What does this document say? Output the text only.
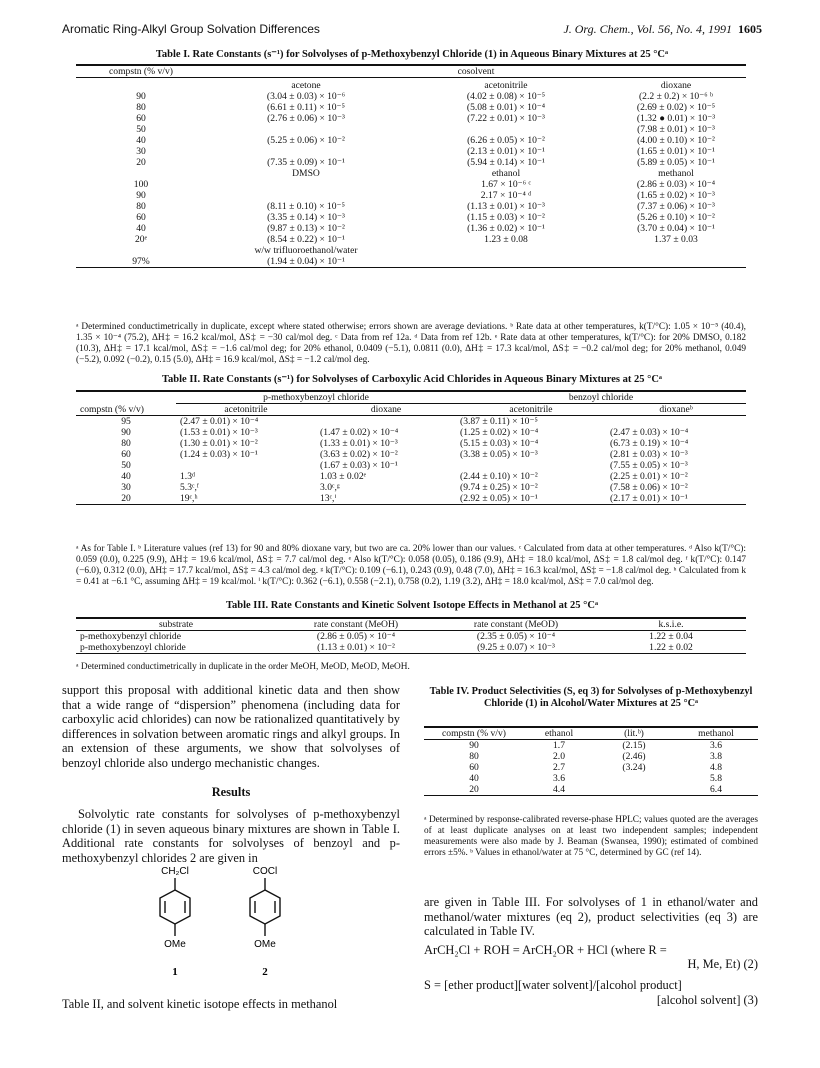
Aromatic Ring-Alkyl Group Solvation Differences	J. Org. Chem., Vol. 56, No. 4, 1991 1605
Table I. Rate Constants (s⁻¹) for Solvolyses of p-Methoxybenzyl Chloride (1) in Aqueous Binary Mixtures at 25 °Cᵃ
compstn (% v/v)	cosolvent		

	acetone	acetonitrile	dioxane
90	(3.04 ± 0.03) × 10⁻⁶	(4.02 ± 0.08) × 10⁻⁵	(2.2 ± 0.2) × 10⁻⁶ ᵇ
80	(6.61 ± 0.11) × 10⁻⁵	(5.08 ± 0.01) × 10⁻⁴	(2.69 ± 0.02) × 10⁻⁵
60	(2.76 ± 0.06) × 10⁻³	(7.22 ± 0.01) × 10⁻³	(1.32 ● 0.01) × 10⁻³
50			(7.98 ± 0.01) × 10⁻³
40	(5.25 ± 0.06) × 10⁻²	(6.26 ± 0.05) × 10⁻²	(4.00 ± 0.10) × 10⁻²
30		(2.13 ± 0.01) × 10⁻¹	(1.65 ± 0.01) × 10⁻¹
20	(7.35 ± 0.09) × 10⁻¹	(5.94 ± 0.14) × 10⁻¹	(5.89 ± 0.05) × 10⁻¹
	DMSO	ethanol	methanol
100		1.67 × 10⁻⁶ ᶜ	(2.86 ± 0.03) × 10⁻⁴
90		2.17 × 10⁻⁴ ᵈ	(1.65 ± 0.02) × 10⁻³
80	(8.11 ± 0.10) × 10⁻⁵	(1.13 ± 0.01) × 10⁻³	(7.37 ± 0.06) × 10⁻³
60	(3.35 ± 0.14) × 10⁻³	(1.15 ± 0.03) × 10⁻²	(5.26 ± 0.10) × 10⁻²
40	(9.87 ± 0.13) × 10⁻²	(1.36 ± 0.02) × 10⁻¹	(3.70 ± 0.04) × 10⁻¹
20ᵉ	(8.54 ± 0.22) × 10⁻¹	1.23 ± 0.08	1.37 ± 0.03
	w/w trifluoroethanol/water		
97%	(1.94 ± 0.04) × 10⁻¹		
ᵃ Determined conductimetrically in duplicate, except where stated otherwise; errors shown are average deviations. ᵇ Rate data at other temperatures, k(T/°C): 1.05 × 10⁻⁵ (40.4), 1.35 × 10⁻⁴ (75.2), ΔH‡ = 16.2 kcal/mol, ΔS‡ = −30 cal/mol deg. ᶜ Data from ref 12a. ᵈ Data from ref 12b. ᵉ Rate data at other temperatures, k(T/°C): for 20% DMSO, 0.182 (10.3), ΔH‡ = 17.1 kcal/mol, ΔS‡ = −1.6 cal/mol deg; for 20% ethanol, 0.0409 (−5.1), 0.0811 (0.0), ΔH‡ = 17.3 kcal/mol, ΔS‡ = −0.2 cal/mol deg; for 20% methanol, 0.049 (−5.2), 0.092 (−0.2), 0.15 (5.0), ΔH‡ = 16.9 kcal/mol, ΔS‡ = −1.2 cal/mol deg.
Table II. Rate Constants (s⁻¹) for Solvolyses of Carboxylic Acid Chlorides in Aqueous Binary Mixtures at 25 °Cᵃ
	p-methoxybenzoyl chloride		benzoyl chloride	
compstn (% v/v)	acetonitrile	dioxane	acetonitrile	dioxaneᵇ
95	(2.47 ± 0.01) × 10⁻⁴		(3.87 ± 0.11) × 10⁻⁵	
90	(1.53 ± 0.01) × 10⁻³	(1.47 ± 0.02) × 10⁻⁴	(1.25 ± 0.02) × 10⁻⁴	(2.47 ± 0.03) × 10⁻⁴
80	(1.30 ± 0.01) × 10⁻²	(1.33 ± 0.01) × 10⁻³	(5.15 ± 0.03) × 10⁻⁴	(6.73 ± 0.19) × 10⁻⁴
60	(1.24 ± 0.03) × 10⁻¹	(3.63 ± 0.02) × 10⁻²	(3.38 ± 0.05) × 10⁻³	(2.81 ± 0.03) × 10⁻³
50		(1.67 ± 0.03) × 10⁻¹		(7.55 ± 0.05) × 10⁻³
40	1.3ᵈ	1.03 ± 0.02ᵉ	(2.44 ± 0.10) × 10⁻²	(2.25 ± 0.01) × 10⁻²
30	5.3ᶜ,ᶠ	3.0ᶜ,ᵍ	(9.74 ± 0.25) × 10⁻²	(7.58 ± 0.06) × 10⁻²
20	19ᶜ,ʰ	13ᶜ,ⁱ	(2.92 ± 0.05) × 10⁻¹	(2.17 ± 0.01) × 10⁻¹
ᵃ As for Table I. ᵇ Literature values (ref 13) for 90 and 80% dioxane vary, but two are ca. 20% lower than our values. ᶜ Calculated from data at other temperatures. ᵈ Also k(T/°C): 0.059 (0.0), 0.225 (9.9), ΔH‡ = 19.6 kcal/mol, ΔS‡ = 7.7 cal/mol deg. ᵉ Also k(T/°C): 0.058 (0.05), 0.186 (9.9), ΔH‡ = 18.0 kcal/mol, ΔS‡ = 1.8 cal/mol deg. ᶠ k(T/°C): 0.147 (−6.0), 0.312 (0.0), ΔH‡ = 17.7 kcal/mol, ΔS‡ = 4.3 cal/mol deg. ᵍ k(T/°C): 0.109 (−6.1), 0.243 (0.9), 0.48 (7.0), ΔH‡ = 16.3 kcal/mol, ΔS‡ = −1.8 cal/mol deg. ʰ Calculated from k = 0.41 at −6.1 °C, assuming ΔH‡ = 19 kcal/mol. ⁱ k(T/°C): 0.362 (−6.1), 0.558 (−2.1), 0.758 (0.2), 1.19 (3.2), ΔH‡ = 18.0 kcal/mol, ΔS‡ = 7.0 cal/mol deg.
Table III. Rate Constants and Kinetic Solvent Isotope Effects in Methanol at 25 °Cᵃ
substrate	rate constant (MeOH)	rate constant (MeOD)	k.s.i.e.
p-methoxybenzyl chloride	(2.86 ± 0.05) × 10⁻⁴	(2.35 ± 0.05) × 10⁻⁴	1.22 ± 0.04
p-methoxybenzoyl chloride	(1.13 ± 0.01) × 10⁻²	(9.25 ± 0.07) × 10⁻³	1.22 ± 0.02
ᵃ Determined conductimetrically in duplicate in the order MeOH, MeOD, MeOD, MeOH.
support this proposal with additional kinetic data and then show that a wide range of “dispersion” phenomena (including data for carboxylic acid chlorides) can now be rationalized quantitatively by differences in solvation between aromatic rings and alkyl groups. In an extension of these arguments, we show that solvolyses of benzoyl chloride also undergo mechanistic changes.
Results
Solvolytic rate constants for solvolyses of p-methoxybenzyl chloride (1) in seven aqueous binary mixtures are shown in Table I. Additional rate constants for solvolyses of benzoyl and p-methoxybenzyl chlorides 2 are given in
CH₂Cl
OMe
1
COCl
OMe
2
Table II, and solvent kinetic isotope effects in methanol
Table IV. Product Selectivities (S, eq 3) for Solvolyses of p-Methoxybenzyl Chloride (1) in Alcohol/Water Mixtures at 25 °Cᵃ
compstn (% v/v)	ethanol	(lit.ᵇ)	methanol
90	1.7	(2.15)	3.6
80	2.0	(2.46)	3.8
60	2.7	(3.24)	4.8
40	3.6		5.8
20	4.4		6.4
ᵃ Determined by response-calibrated reverse-phase HPLC; values quoted are the averages of at least duplicate analyses on at least two independent samples; independent measurements were also made by J. Beaman (Swansea, 1990); estimated of combined errors ±5%. ᵇ Values in ethanol/water at 75 °C, determined by GC (ref 14).
are given in Table III. For solvolyses of 1 in ethanol/water and methanol/water mixtures (eq 2), product selectivities (eq 3) are calculated in Table IV.
ArCH₂Cl + ROH = ArCH₂OR + HCl (where R =
H, Me, Et) (2)
S = [ether product][water solvent]/[alcohol product]
[alcohol solvent] (3)
